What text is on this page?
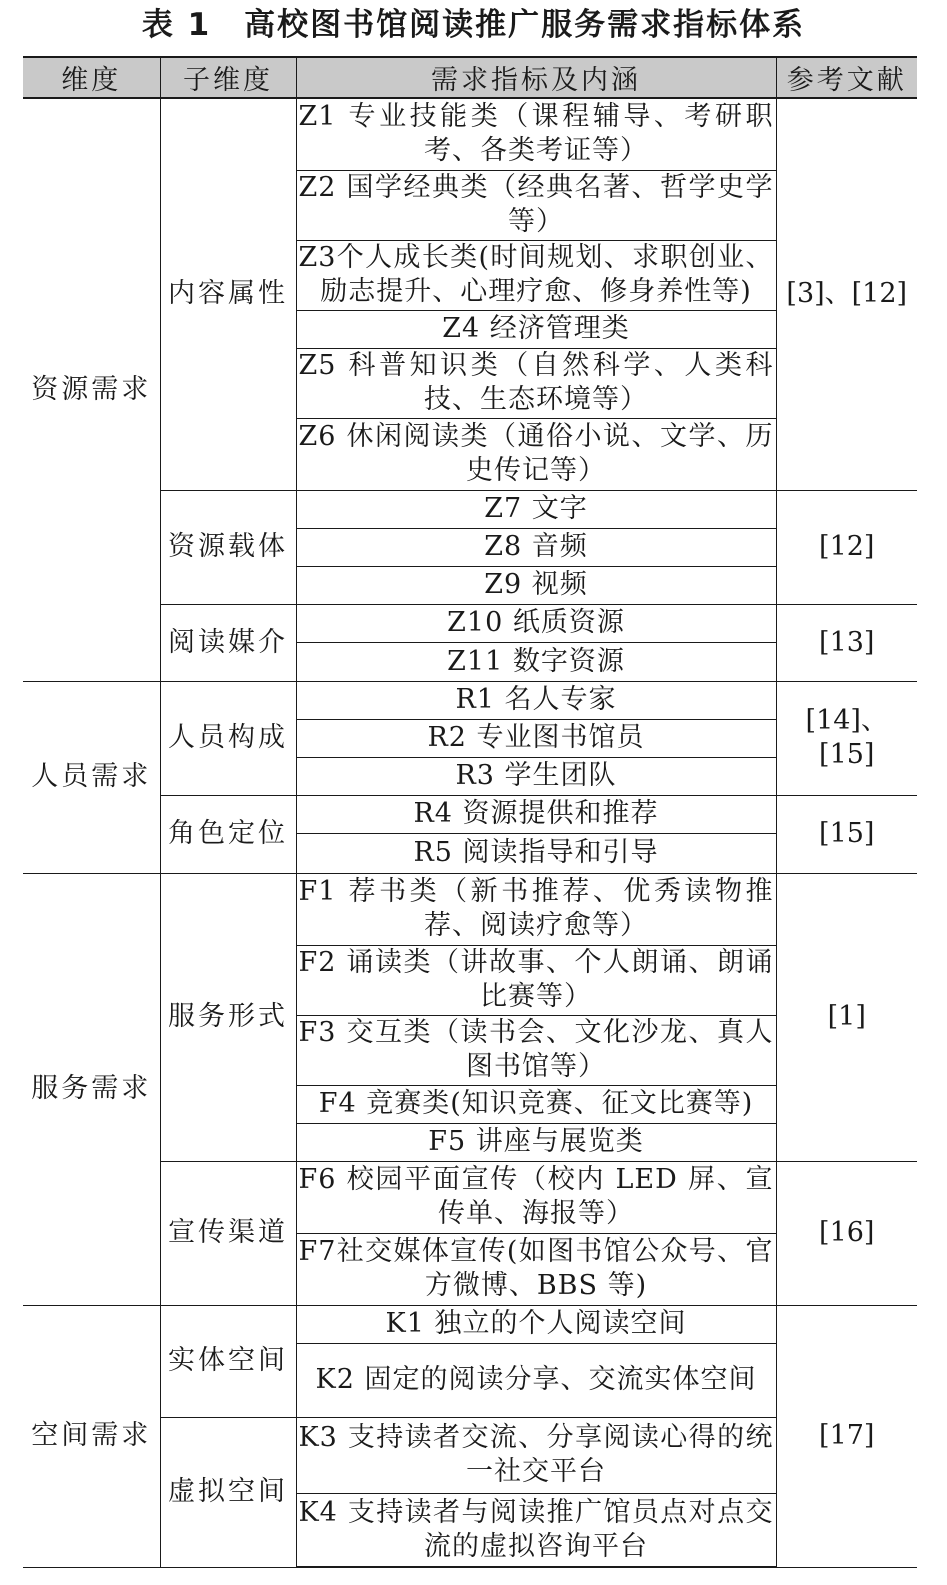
表 1　高校图书馆阅读推广服务需求指标体系
维度	子维度	需求指标及内涵	参考文献
资源需求	内容属性	Z1 专业技能类（课程辅导、考研职考、各类考证等）	[3]、[12]
		Z2 国学经典类（经典名著、哲学史学等）	
		Z3个人成长类(时间规划、求职创业、励志提升、心理疗愈、修身养性等)	
		Z4 经济管理类	
		Z5 科普知识类（自然科学、人类科技、生态环境等）	
		Z6 休闲阅读类（通俗小说、文学、历史传记等）	
	资源载体	Z7 文字	[12]
		Z8 音频	
		Z9 视频	
	阅读媒介	Z10 纸质资源	[13]
		Z11 数字资源	
人员需求	人员构成	R1 名人专家	[14]、[15]
		R2 专业图书馆员	
		R3 学生团队	
	角色定位	R4 资源提供和推荐	[15]
		R5 阅读指导和引导	
服务需求	服务形式	F1 荐书类（新书推荐、优秀读物推荐、阅读疗愈等）	[1]
		F2 诵读类（讲故事、个人朗诵、朗诵比赛等）	
		F3 交互类（读书会、文化沙龙、真人图书馆等）	
		F4 竞赛类(知识竞赛、征文比赛等)	
		F5 讲座与展览类	
	宣传渠道	F6 校园平面宣传（校内 LED 屏、宣传单、海报等）	[16]
		F7社交媒体宣传(如图书馆公众号、官方微博、BBS 等)	
空间需求	实体空间	K1 独立的个人阅读空间	[17]
		K2 固定的阅读分享、交流实体空间	
	虚拟空间	K3 支持读者交流、分享阅读心得的统一社交平台	
		K4 支持读者与阅读推广馆员点对点交流的虚拟咨询平台	
